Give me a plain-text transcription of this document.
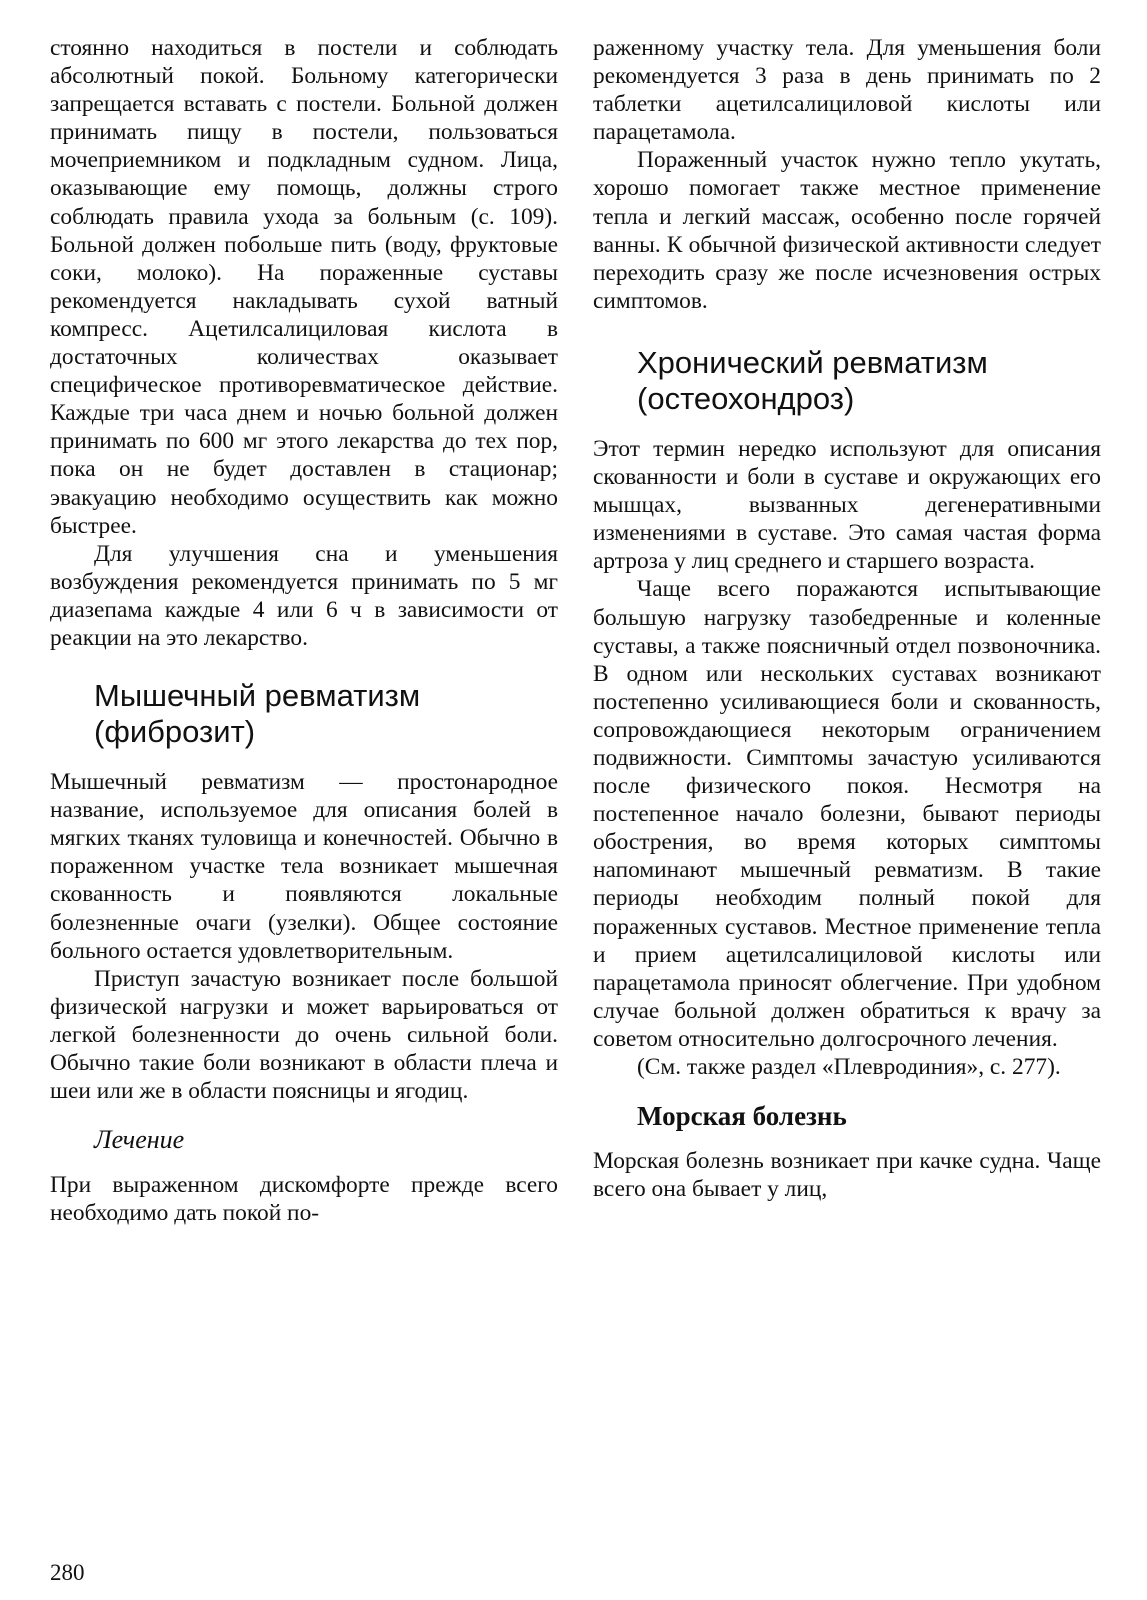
стоянно находиться в постели и соблюдать абсолютный покой. Больному категорически запрещается вставать с постели. Больной должен принимать пищу в постели, пользоваться мочеприемником и подкладным судном. Лица, оказывающие ему помощь, должны строго соблюдать правила ухода за больным (с. 109). Больной должен побольше пить (воду, фруктовые соки, молоко). На пораженные суставы рекомендуется накладывать сухой ватный компресс. Ацетилсалициловая кислота в достаточных количествах оказывает специфическое противоревматическое действие. Каждые три часа днем и ночью больной должен принимать по 600 мг этого лекарства до тех пор, пока он не будет доставлен в стационар; эвакуацию необходимо осуществить как можно быстрее.

Для улучшения сна и уменьшения возбуждения рекомендуется принимать по 5 мг диазепама каждые 4 или 6 ч в зависимости от реакции на это лекарство.

Мышечный ревматизм
(фиброзит)

Мышечный ревматизм — простонародное название, используемое для описания болей в мягких тканях туловища и конечностей. Обычно в пораженном участке тела возникает мышечная скованность и появляются локальные болезненные очаги (узелки). Общее состояние больного остается удовлетворительным.

Приступ зачастую возникает после большой физической нагрузки и может варьироваться от легкой болезненности до очень сильной боли. Обычно такие боли возникают в области плеча и шеи или же в области поясницы и ягодиц.

Лечение

При выраженном дискомфорте прежде всего необходимо дать покой по-

раженному участку тела. Для уменьшения боли рекомендуется 3 раза в день принимать по 2 таблетки ацетилсалициловой кислоты или парацетамола.

Пораженный участок нужно тепло укутать, хорошо помогает также местное применение тепла и легкий массаж, особенно после горячей ванны. К обычной физической активности следует переходить сразу же после исчезновения острых симптомов.

Хронический ревматизм
(остеохондроз)

Этот термин нередко используют для описания скованности и боли в суставе и окружающих его мышцах, вызванных дегенеративными изменениями в суставе. Это самая частая форма артроза у лиц среднего и старшего возраста.

Чаще всего поражаются испытывающие большую нагрузку тазобедренные и коленные суставы, а также поясничный отдел позвоночника. В одном или нескольких суставах возникают постепенно усиливающиеся боли и скованность, сопровождающиеся некоторым ограничением подвижности. Симптомы зачастую усиливаются после физического покоя. Несмотря на постепенное начало болезни, бывают периоды обострения, во время которых симптомы напоминают мышечный ревматизм. В такие периоды необходим полный покой для пораженных суставов. Местное применение тепла и прием ацетилсалициловой кислоты или парацетамола приносят облегчение. При удобном случае больной должен обратиться к врачу за советом относительно долгосрочного лечения.

(См. также раздел «Плевродиния», с. 277).

Морская болезнь

Морская болезнь возникает при качке судна. Чаще всего она бывает у лиц,

280
